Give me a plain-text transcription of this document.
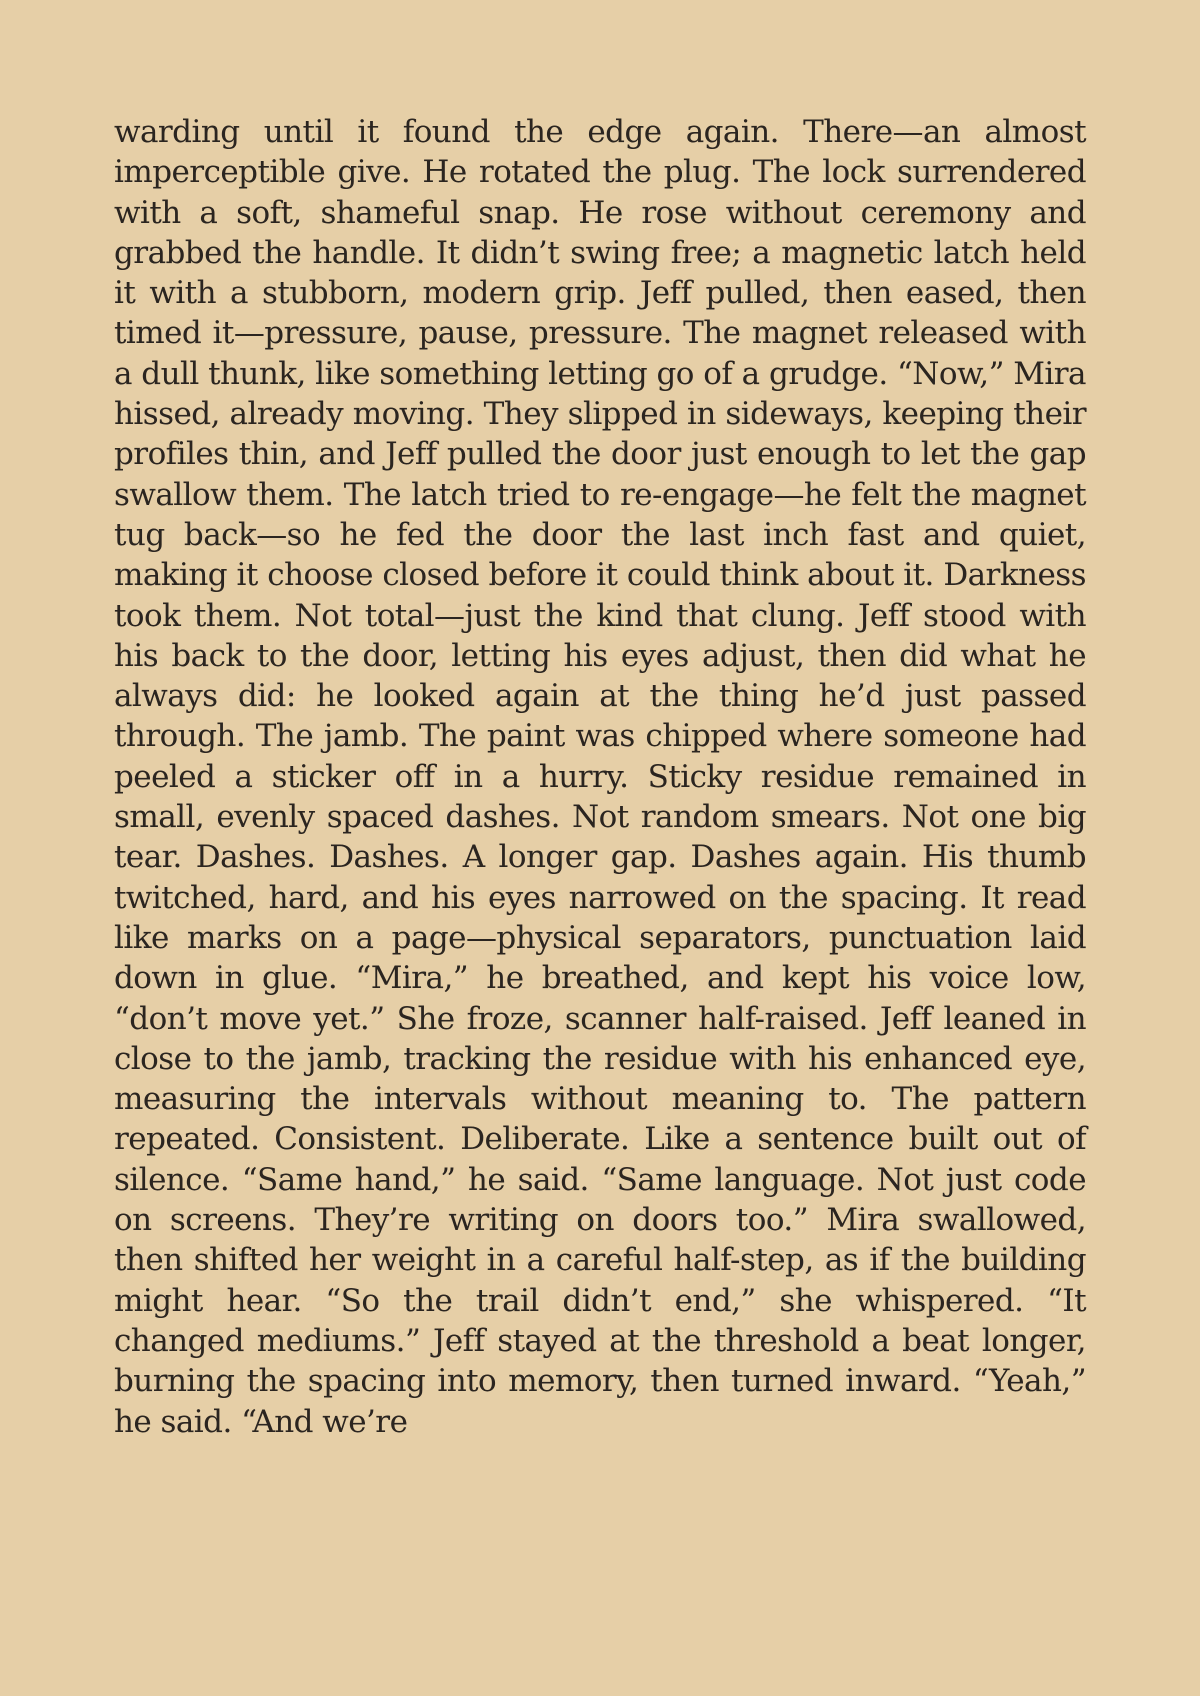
warding until it found the edge again. There—an almost imperceptible give. He rotated the plug. The lock surrendered with a soft, shameful snap. He rose without ceremony and grabbed the handle. It didn’t swing free; a magnetic latch held it with a stubborn, modern grip. Jeff pulled, then eased, then timed it—pressure, pause, pressure. The magnet released with a dull thunk, like something letting go of a grudge. “Now,” Mira hissed, already moving. They slipped in sideways, keeping their profiles thin, and Jeff pulled the door just enough to let the gap swallow them. The latch tried to re-engage—he felt the magnet tug back—so he fed the door the last inch fast and quiet, making it choose closed before it could think about it. Darkness took them. Not total—just the kind that clung. Jeff stood with his back to the door, letting his eyes adjust, then did what he always did: he looked again at the thing he’d just passed through. The jamb. The paint was chipped where someone had peeled a sticker off in a hurry. Sticky residue remained in small, evenly spaced dashes. Not random smears. Not one big tear. Dashes. Dashes. A longer gap. Dashes again. His thumb twitched, hard, and his eyes narrowed on the spacing. It read like marks on a page—physical separators, punctuation laid down in glue. “Mira,” he breathed, and kept his voice low, “don’t move yet.” She froze, scanner half-raised. Jeff leaned in close to the jamb, tracking the residue with his enhanced eye, measuring the intervals without meaning to. The pattern repeated. Consistent. Deliberate. Like a sentence built out of silence. “Same hand,” he said. “Same language. Not just code on screens. They’re writing on doors too.” Mira swallowed, then shifted her weight in a careful half-step, as if the building might hear. “So the trail didn’t end,” she whispered. “It changed mediums.” Jeff stayed at the threshold a beat longer, burning the spacing into memory, then turned inward. “Yeah,” he said. “And we’re
